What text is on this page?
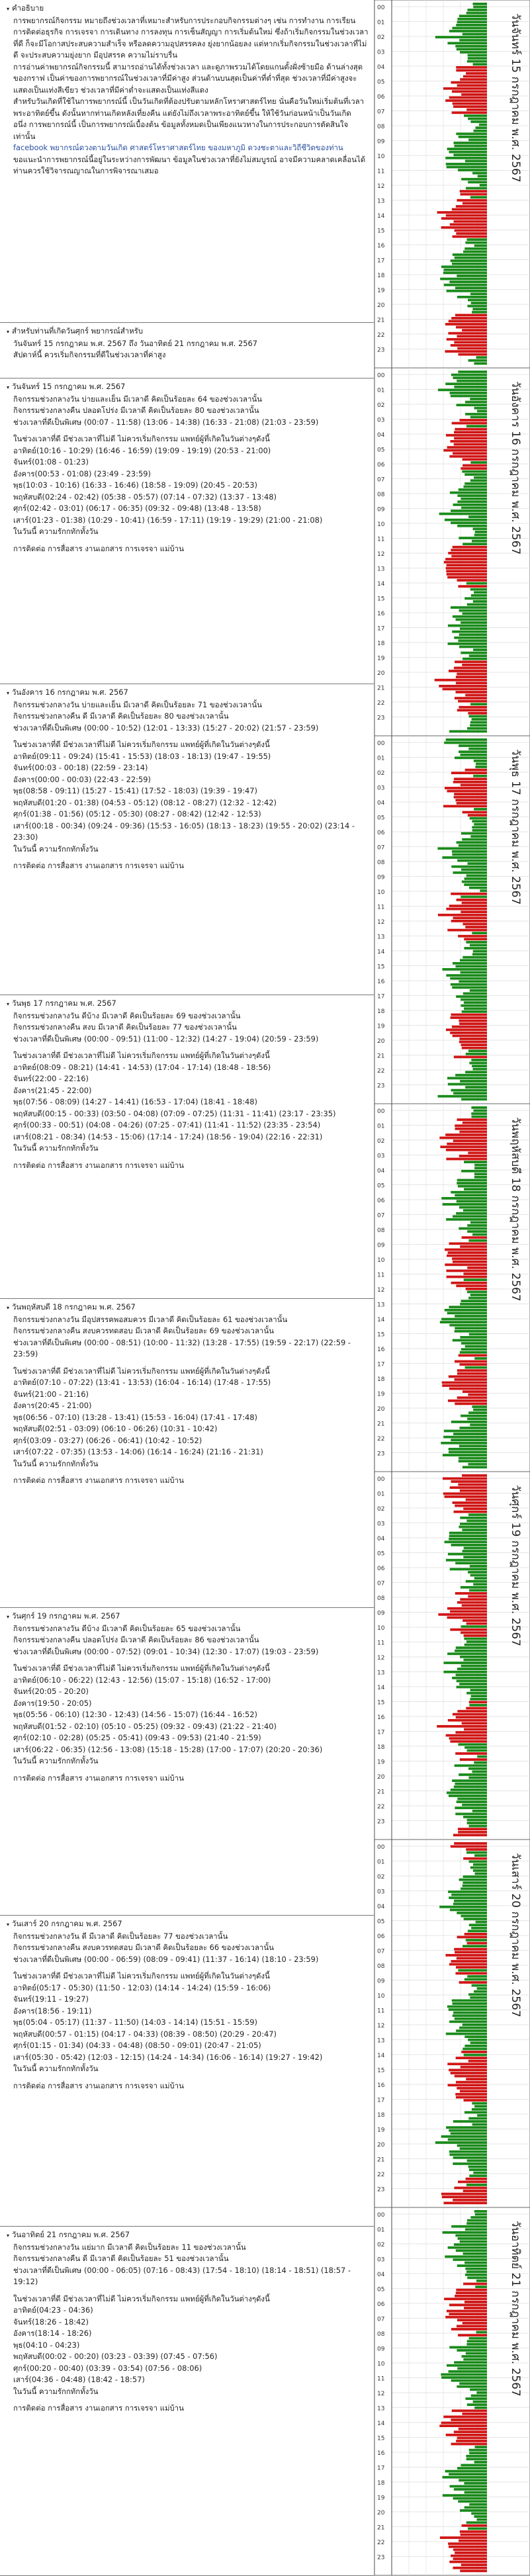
▾ คำอธิบาย

การพยากรณ์กิจกรรม หมายถึงช่วงเวลาที่เหมาะสำหรับการประกอบกิจกรรมต่างๆ เช่น การทำงาน การเรียน การติดต่อธุรกิจ การเจรจา การเดินทาง การลงทุน การเซ็นสัญญา การเริ่มต้นใหม่ ซึ่งถ้าเริ่มกิจกรรมในช่วงเวลาที่ดี ก็จะมีโอกาสประสบความสำเร็จ หรือลดความอุปสรรคลง ยุ่งยากน้อยลง แต่หากเริ่มกิจกรรมในช่วงเวลาที่ไม่ดี จะประสบความยุ่งยาก มีอุปสรรค ความไม่ราบรื่น

การอ่านค่าพยากรณ์กิจกรรมนี้ สามารถอ่านได้ทั้งช่วงเวลา และดูภาพรวมได้โดยแกนตั้งฝั่งซ้ายมือ ด้านล่างสุดของกราฟ เป็นค่าของการพยากรณ์ในช่วงเวลาที่มีค่าสูง ส่วนด้านบนสุดเป็นค่าที่ต่ำที่สุด ช่วงเวลาที่มีค่าสูงจะแสดงเป็นแท่งสีเขียว ช่วงเวลาที่มีค่าต่ำจะแสดงเป็นแท่งสีแดง

สำหรับวันเกิดที่ใช้ในการพยากรณ์นี้ เป็นวันเกิดที่ต้องปรับตามหลักโหราศาสตร์ไทย นั่นคือวันใหม่เริ่มต้นที่เวลาพระอาทิตย์ขึ้น ดังนั้นหากท่านเกิดหลังเที่ยงคืน แต่ยังไม่ถึงเวลาพระอาทิตย์ขึ้น ให้ใช้วันก่อนหน้าเป็นวันเกิด

อนึ่ง การพยากรณ์นี้ เป็นการพยากรณ์เบื้องต้น ข้อมูลทั้งหมดเป็นเพียงแนวทางในการประกอบการตัดสินใจเท่านั้น

facebook พยากรณ์ดวงตามวันเกิด ศาสตร์โหราศาสตร์ไทย ของมหาภูมิ ดวงชะตาและวิถีชีวิตของท่าน

ขอแนะนำการพยากรณ์นี้อยู่ในระหว่างการพัฒนา ข้อมูลในช่วงเวลาที่ยังไม่สมบูรณ์ อาจมีความคลาดเคลื่อนได้ ท่านควรใช้วิจารณญาณในการพิจารณาเสมอ

▾ สำหรับท่านที่เกิดวันศุกร์ พยากรณ์สำหรับ

วันจันทร์ 15 กรกฎาคม พ.ศ. 2567 ถึง วันอาทิตย์ 21 กรกฎาคม พ.ศ. 2567

สัปดาห์นี้ ควรเริ่มกิจกรรมที่ดีในช่วงเวลาที่ค่าสูง

▾ วันจันทร์ 15 กรกฎาคม พ.ศ. 2567

กิจกรรมช่วงกลางวัน บ่ายและเย็น มีเวลาดี คิดเป็นร้อยละ 64 ของช่วงเวลานั้น

กิจกรรมช่วงกลางคืน ปลอดโปร่ง มีเวลาดี คิดเป็นร้อยละ 80 ของช่วงเวลานั้น

ช่วงเวลาที่ดีเป็นพิเศษ (00:07 - 11:58) (13:06 - 14:38) (16:33 - 21:08) (21:03 - 23:59)

ในช่วงเวลาที่ดี มีช่วงเวลาที่ไม่ดี ไม่ควรเริ่มกิจกรรม แพทย์ผู้ที่เกิดในวันต่างๆดังนี้

อาทิตย์(10:16 - 10:29) (16:46 - 16:59) (19:09 - 19:19) (20:53 - 21:00)

จันทร์(01:08 - 01:23)

อังคาร(00:53 - 01:08) (23:49 - 23:59)

พุธ(10:03 - 10:16) (16:33 - 16:46) (18:58 - 19:09) (20:45 - 20:53)

พฤหัสบดี(02:24 - 02:42) (05:38 - 05:57) (07:14 - 07:32) (13:37 - 13:48)

ศุกร์(02:42 - 03:01) (06:17 - 06:35) (09:32 - 09:48) (13:48 - 13:58)

เสาร์(01:23 - 01:38) (10:29 - 10:41) (16:59 - 17:11) (19:19 - 19:29) (21:00 - 21:08)

ในวันนี้ ความรักกทักทั้งวัน

การติดต่อ การสื่อสาร งานเอกสาร การเจรจา แม่บ้าน

▾ วันอังคาร 16 กรกฎาคม พ.ศ. 2567

กิจกรรมช่วงกลางวัน บ่ายและเย็น มีเวลาดี คิดเป็นร้อยละ 71 ของช่วงเวลานั้น

กิจกรรมช่วงกลางคืน ดี มีเวลาดี คิดเป็นร้อยละ 80 ของช่วงเวลานั้น

ช่วงเวลาที่ดีเป็นพิเศษ (00:00 - 10:52) (12:01 - 13:33) (15:27 - 20:02) (21:57 - 23:59)

ในช่วงเวลาที่ดี มีช่วงเวลาที่ไม่ดี ไม่ควรเริ่มกิจกรรม แพทย์ผู้ที่เกิดในวันต่างๆดังนี้

อาทิตย์(09:11 - 09:24) (15:41 - 15:53) (18:03 - 18:13) (19:47 - 19:55)

จันทร์(00:03 - 00:18) (22:59 - 23:14)

อังคาร(00:00 - 00:03) (22:43 - 22:59)

พุธ(08:58 - 09:11) (15:27 - 15:41) (17:52 - 18:03) (19:39 - 19:47)

พฤหัสบดี(01:20 - 01:38) (04:53 - 05:12) (08:12 - 08:27) (12:32 - 12:42)

ศุกร์(01:38 - 01:56) (05:12 - 05:30) (08:27 - 08:42) (12:42 - 12:53)

เสาร์(00:18 - 00:34) (09:24 - 09:36) (15:53 - 16:05) (18:13 - 18:23) (19:55 - 20:02) (23:14 - 23:30)

ในวันนี้ ความรักกทักทั้งวัน

การติดต่อ การสื่อสาร งานเอกสาร การเจรจา แม่บ้าน

▾ วันพุธ 17 กรกฎาคม พ.ศ. 2567

กิจกรรมช่วงกลางวัน ดีบ้าง มีเวลาดี คิดเป็นร้อยละ 69 ของช่วงเวลานั้น

กิจกรรมช่วงกลางคืน สงบ มีเวลาดี คิดเป็นร้อยละ 77 ของช่วงเวลานั้น

ช่วงเวลาที่ดีเป็นพิเศษ (00:00 - 09:51) (11:00 - 12:32) (14:27 - 19:04) (20:59 - 23:59)

ในช่วงเวลาที่ดี มีช่วงเวลาที่ไม่ดี ไม่ควรเริ่มกิจกรรม แพทย์ผู้ที่เกิดในวันต่างๆดังนี้

อาทิตย์(08:09 - 08:21) (14:41 - 14:53) (17:04 - 17:14) (18:48 - 18:56)

จันทร์(22:00 - 22:16)

อังคาร(21:45 - 22:00)

พุธ(07:56 - 08:09) (14:27 - 14:41) (16:53 - 17:04) (18:41 - 18:48)

พฤหัสบดี(00:15 - 00:33) (03:50 - 04:08) (07:09 - 07:25) (11:31 - 11:41) (23:17 - 23:35)

ศุกร์(00:33 - 00:51) (04:08 - 04:26) (07:25 - 07:41) (11:41 - 11:52) (23:35 - 23:54)

เสาร์(08:21 - 08:34) (14:53 - 15:06) (17:14 - 17:24) (18:56 - 19:04) (22:16 - 22:31)

ในวันนี้ ความรักกทักทั้งวัน

การติดต่อ การสื่อสาร งานเอกสาร การเจรจา แม่บ้าน

▾ วันพฤหัสบดี 18 กรกฎาคม พ.ศ. 2567

กิจกรรมช่วงกลางวัน มีอุปสรรคพอสมควร มีเวลาดี คิดเป็นร้อยละ 61 ของช่วงเวลานั้น

กิจกรรมช่วงกลางคืน สงบควรทดสอบ มีเวลาดี คิดเป็นร้อยละ 69 ของช่วงเวลานั้น

ช่วงเวลาที่ดีเป็นพิเศษ (00:00 - 08:51) (10:00 - 11:32) (13:28 - 17:55) (19:59 - 22:17) (22:59 - 23:59)

ในช่วงเวลาที่ดี มีช่วงเวลาที่ไม่ดี ไม่ควรเริ่มกิจกรรม แพทย์ผู้ที่เกิดในวันต่างๆดังนี้

อาทิตย์(07:10 - 07:22) (13:41 - 13:53) (16:04 - 16:14) (17:48 - 17:55)

จันทร์(21:00 - 21:16)

อังคาร(20:45 - 21:00)

พุธ(06:56 - 07:10) (13:28 - 13:41) (15:53 - 16:04) (17:41 - 17:48)

พฤหัสบดี(02:51 - 03:09) (06:10 - 06:26) (10:31 - 10:42)

ศุกร์(03:09 - 03:27) (06:26 - 06:41) (10:42 - 10:52)

เสาร์(07:22 - 07:35) (13:53 - 14:06) (16:14 - 16:24) (21:16 - 21:31)

ในวันนี้ ความรักกทักทั้งวัน

การติดต่อ การสื่อสาร งานเอกสาร การเจรจา แม่บ้าน

▾ วันศุกร์ 19 กรกฎาคม พ.ศ. 2567

กิจกรรมช่วงกลางวัน ดีบ้าง มีเวลาดี คิดเป็นร้อยละ 65 ของช่วงเวลานั้น

กิจกรรมช่วงกลางคืน ปลอดโปร่ง มีเวลาดี คิดเป็นร้อยละ 86 ของช่วงเวลานั้น

ช่วงเวลาที่ดีเป็นพิเศษ (00:00 - 07:52) (09:01 - 10:34) (12:30 - 17:07) (19:03 - 23:59)

ในช่วงเวลาที่ดี มีช่วงเวลาที่ไม่ดี ไม่ควรเริ่มกิจกรรม แพทย์ผู้ที่เกิดในวันต่างๆดังนี้

อาทิตย์(06:10 - 06:22) (12:43 - 12:56) (15:07 - 15:18) (16:52 - 17:00)

จันทร์(20:05 - 20:20)

อังคาร(19:50 - 20:05)

พุธ(05:56 - 06:10) (12:30 - 12:43) (14:56 - 15:07) (16:44 - 16:52)

พฤหัสบดี(01:52 - 02:10) (05:10 - 05:25) (09:32 - 09:43) (21:22 - 21:40)

ศุกร์(02:10 - 02:28) (05:25 - 05:41) (09:43 - 09:53) (21:40 - 21:59)

เสาร์(06:22 - 06:35) (12:56 - 13:08) (15:18 - 15:28) (17:00 - 17:07) (20:20 - 20:36)

ในวันนี้ ความรักกทักทั้งวัน

การติดต่อ การสื่อสาร งานเอกสาร การเจรจา แม่บ้าน

▾ วันเสาร์ 20 กรกฎาคม พ.ศ. 2567

กิจกรรมช่วงกลางวัน ดี มีเวลาดี คิดเป็นร้อยละ 77 ของช่วงเวลานั้น

กิจกรรมช่วงกลางคืน สงบควรทดสอบ มีเวลาดี คิดเป็นร้อยละ 66 ของช่วงเวลานั้น

ช่วงเวลาที่ดีเป็นพิเศษ (00:00 - 06:59) (08:09 - 09:41) (11:37 - 16:14) (18:10 - 23:59)

ในช่วงเวลาที่ดี มีช่วงเวลาที่ไม่ดี ไม่ควรเริ่มกิจกรรม แพทย์ผู้ที่เกิดในวันต่างๆดังนี้

อาทิตย์(05:17 - 05:30) (11:50 - 12:03) (14:14 - 14:24) (15:59 - 16:06)

จันทร์(19:11 - 19:27)

อังคาร(18:56 - 19:11)

พุธ(05:04 - 05:17) (11:37 - 11:50) (14:03 - 14:14) (15:51 - 15:59)

พฤหัสบดี(00:57 - 01:15) (04:17 - 04:33) (08:39 - 08:50) (20:29 - 20:47)

ศุกร์(01:15 - 01:34) (04:33 - 04:48) (08:50 - 09:01) (20:47 - 21:05)

เสาร์(05:30 - 05:42) (12:03 - 12:15) (14:24 - 14:34) (16:06 - 16:14) (19:27 - 19:42)

ในวันนี้ ความรักกทักทั้งวัน

การติดต่อ การสื่อสาร งานเอกสาร การเจรจา แม่บ้าน

▾ วันอาทิตย์ 21 กรกฎาคม พ.ศ. 2567

กิจกรรมช่วงกลางวัน แย่มาก มีเวลาดี คิดเป็นร้อยละ 11 ของช่วงเวลานั้น

กิจกรรมช่วงกลางคืน ดี มีเวลาดี คิดเป็นร้อยละ 51 ของช่วงเวลานั้น

ช่วงเวลาที่ดีเป็นพิเศษ (00:00 - 06:05) (07:16 - 08:43) (17:54 - 18:10) (18:14 - 18:51) (18:57 - 19:12)

ในช่วงเวลาที่ดี มีช่วงเวลาที่ไม่ดี ไม่ควรเริ่มกิจกรรม แพทย์ผู้ที่เกิดในวันต่างๆดังนี้

อาทิตย์(04:23 - 04:36)

จันทร์(18:26 - 18:42)

อังคาร(18:14 - 18:26)

พุธ(04:10 - 04:23)

พฤหัสบดี(00:02 - 00:20) (03:23 - 03:39) (07:45 - 07:56)

ศุกร์(00:20 - 00:40) (03:39 - 03:54) (07:56 - 08:06)

เสาร์(04:36 - 04:48) (18:42 - 18:57)

ในวันนี้ ความรักกทักทั้งวัน

การติดต่อ การสื่อสาร งานเอกสาร การเจรจา แม่บ้าน

00
01
02
03
04
05
06
07
08
09
10
11
12
13
14
15
16
17
18
19
20
21
22
23
วันจันทร์ 15 กรกฎาคม พ.ศ. 2567
00
01
02
03
04
05
06
07
08
09
10
11
12
13
14
15
16
17
18
19
20
21
22
23
วันอังคาร 16 กรกฎาคม พ.ศ. 2567
00
01
02
03
04
05
06
07
08
09
10
11
12
13
14
15
16
17
18
19
20
21
22
23
วันพุธ 17 กรกฎาคม พ.ศ. 2567
00
01
02
03
04
05
06
07
08
09
10
11
12
13
14
15
16
17
18
19
20
21
22
23
วันพฤหัสบดี 18 กรกฎาคม พ.ศ. 2567
00
01
02
03
04
05
06
07
08
09
10
11
12
13
14
15
16
17
18
19
20
21
22
23
วันศุกร์ 19 กรกฎาคม พ.ศ. 2567
00
01
02
03
04
05
06
07
08
09
10
11
12
13
14
15
16
17
18
19
20
21
22
23
วันเสาร์ 20 กรกฎาคม พ.ศ. 2567
00
01
02
03
04
05
06
07
08
09
10
11
12
13
14
15
16
17
18
19
20
21
22
23
วันอาทิตย์ 21 กรกฎาคม พ.ศ. 2567
